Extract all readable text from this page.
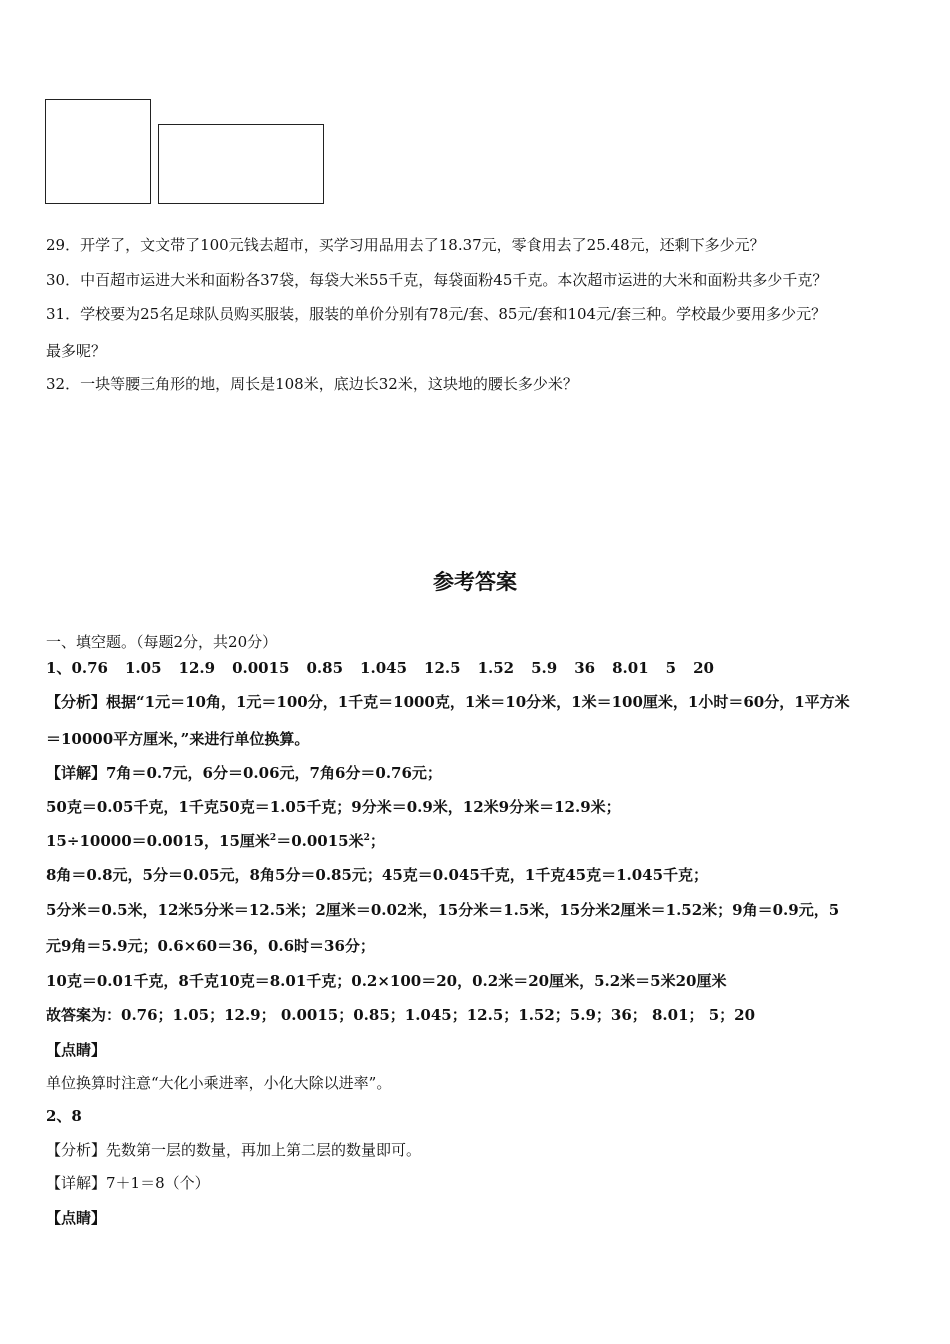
29．开学了，文文带了100元钱去超市，买学习用品用去了18.37元，零食用去了25.48元，还剩下多少元？
30．中百超市运进大米和面粉各37袋，每袋大米55千克，每袋面粉45千克。本次超市运进的大米和面粉共多少千克？
31．学校要为25名足球队员购买服装，服装的单价分别有78元/套、85元/套和104元/套三种。学校最少要用多少元？
最多呢？
32．一块等腰三角形的地，周长是108米，底边长32米，这块地的腰长多少米？
参考答案
一、填空题。（每题2分，共20分）
1、0.76 1.05 12.9 0.0015 0.85 1.045 12.5 1.52 5.9 36 8.01 5 20
【分析】根据“1元＝10角，1元＝100分，1千克＝1000克，1米＝10分米，1米＝100厘米，1小时＝60分，1平方米
＝10000平方厘米，”来进行单位换算。
【详解】7角＝0.7元，6分＝0.06元，7角6分＝0.76元；
50克＝0.05千克，1千克50克＝1.05千克；9分米＝0.9米，12米9分米＝12.9米；
15÷10000＝0.0015，15厘米$^2$＝0.0015米$^2$；
8角＝0.8元，5分＝0.05元，8角5分＝0.85元；45克＝0.045千克，1千克45克＝1.045千克；
5分米＝0.5米，12米5分米＝12.5米；2厘米＝0.02米，15分米＝1.5米，15分米2厘米＝1.52米；9角＝0.9元，5
元9角＝5.9元；0.6×60＝36，0.6时＝36分；
10克＝0.01千克，8千克10克＝8.01千克；0.2×100＝20，0.2米＝20厘米，5.2米＝5米20厘米
故答案为：0.76；1.05；12.9； 0.0015；0.85；1.045；12.5；1.52；5.9；36； 8.01； 5；20
【点睛】
单位换算时注意“大化小乘进率，小化大除以进率”。
2、8
【分析】先数第一层的数量，再加上第二层的数量即可。
【详解】7＋1＝8（个）
【点睛】
